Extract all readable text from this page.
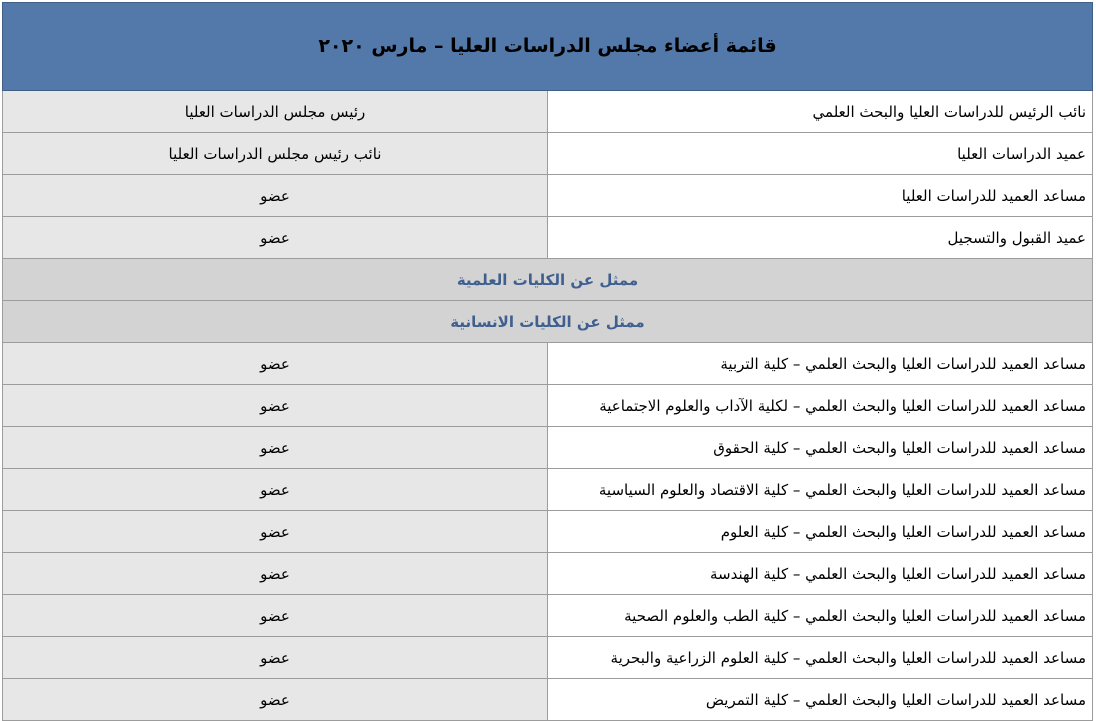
قائمة أعضاء مجلس الدراسات العليا – مارس ٢٠٢٠	
نائب الرئيس للدراسات العليا والبحث العلمي	رئيس مجلس الدراسات العليا
عميد الدراسات العليا	نائب رئيس مجلس الدراسات العليا
مساعد العميد للدراسات العليا	عضو
عميد القبول والتسجيل	عضو
ممثل عن الكليات العلمية	
ممثل عن الكليات الانسانية	
مساعد العميد للدراسات العليا والبحث العلمي – كلية التربية	عضو
مساعد العميد للدراسات العليا والبحث العلمي – لكلية الآداب والعلوم الاجتماعية	عضو
مساعد العميد للدراسات العليا والبحث العلمي – كلية الحقوق	عضو
مساعد العميد للدراسات العليا والبحث العلمي – كلية الاقتصاد والعلوم السياسية	عضو
مساعد العميد للدراسات العليا والبحث العلمي – كلية العلوم	عضو
مساعد العميد للدراسات العليا والبحث العلمي – كلية الهندسة	عضو
مساعد العميد للدراسات العليا والبحث العلمي – كلية الطب والعلوم الصحية	عضو
مساعد العميد للدراسات العليا والبحث العلمي – كلية العلوم الزراعية والبحرية	عضو
مساعد العميد للدراسات العليا والبحث العلمي – كلية التمريض	عضو
